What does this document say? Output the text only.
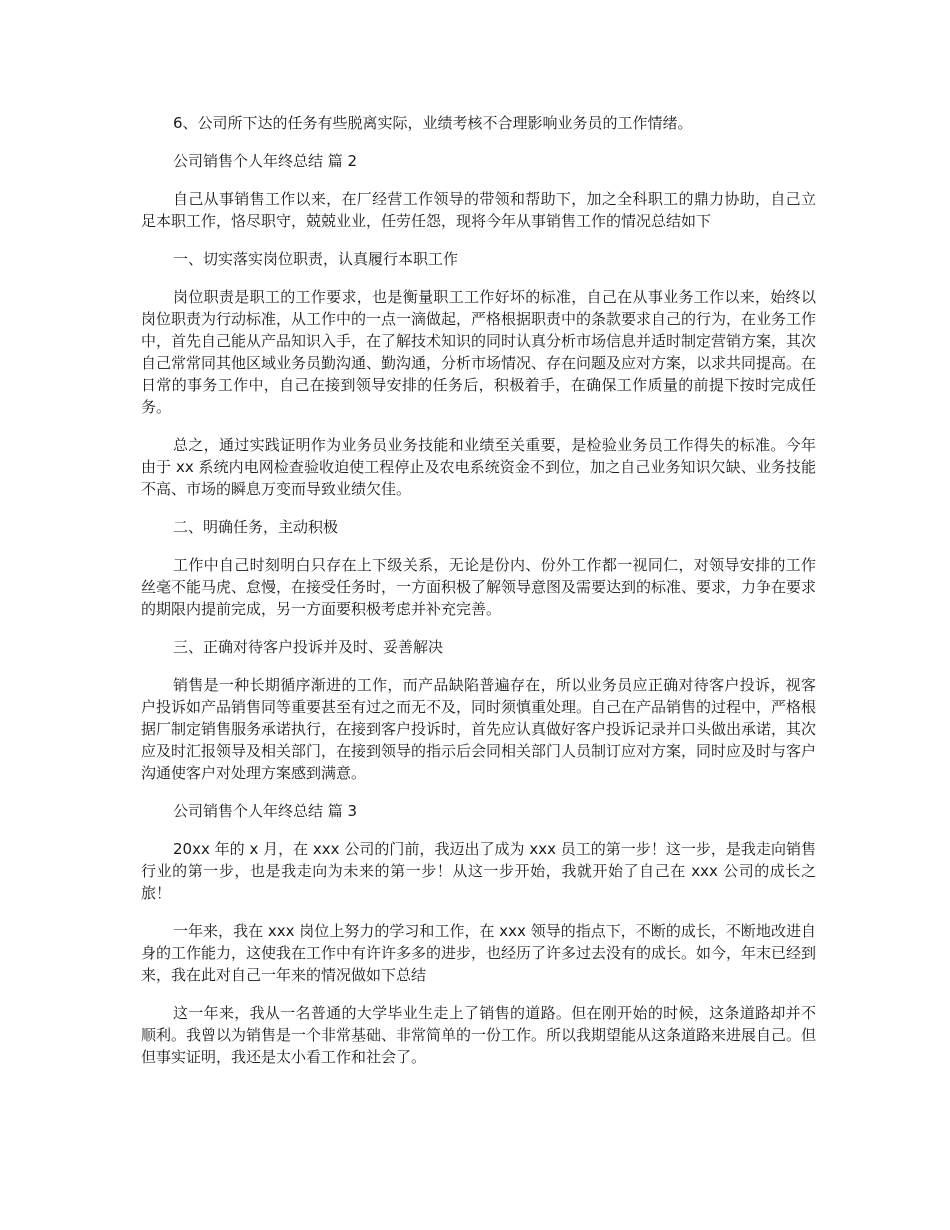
6、公司所下达的任务有些脱离实际，业绩考核不合理影响业务员的工作情绪。

公司销售个人年终总结 篇 2

自己从事销售工作以来，在厂经营工作领导的带领和帮助下，加之全科职工的鼎力协助，自己立足本职工作，恪尽职守，兢兢业业，任劳任怨，现将今年从事销售工作的情况总结如下

一、切实落实岗位职责，认真履行本职工作

岗位职责是职工的工作要求，也是衡量职工工作好坏的标准，自己在从事业务工作以来，始终以岗位职责为行动标准，从工作中的一点一滴做起，严格根据职责中的条款要求自己的行为，在业务工作中，首先自己能从产品知识入手，在了解技术知识的同时认真分析市场信息并适时制定营销方案，其次自己常常同其他区域业务员勤沟通、勤沟通，分析市场情况、存在问题及应对方案，以求共同提高。在日常的事务工作中，自己在接到领导安排的任务后，积极着手，在确保工作质量的前提下按时完成任务。

总之，通过实践证明作为业务员业务技能和业绩至关重要，是检验业务员工作得失的标准。今年由于 xx 系统内电网检查验收迫使工程停止及农电系统资金不到位，加之自己业务知识欠缺、业务技能不高、市场的瞬息万变而导致业绩欠佳。

二、明确任务，主动积极

工作中自己时刻明白只存在上下级关系，无论是份内、份外工作都一视同仁，对领导安排的工作丝毫不能马虎、怠慢，在接受任务时，一方面积极了解领导意图及需要达到的标准、要求，力争在要求的期限内提前完成，另一方面要积极考虑并补充完善。

三、正确对待客户投诉并及时、妥善解决

销售是一种长期循序渐进的工作，而产品缺陷普遍存在，所以业务员应正确对待客户投诉，视客户投诉如产品销售同等重要甚至有过之而无不及，同时须慎重处理。自己在产品销售的过程中，严格根据厂制定销售服务承诺执行，在接到客户投诉时，首先应认真做好客户投诉记录并口头做出承诺，其次应及时汇报领导及相关部门，在接到领导的指示后会同相关部门人员制订应对方案，同时应及时与客户沟通使客户对处理方案感到满意。

公司销售个人年终总结 篇 3

20xx 年的 x 月，在 xxx 公司的门前，我迈出了成为 xxx 员工的第一步！这一步，是我走向销售行业的第一步，也是我走向为未来的第一步！从这一步开始，我就开始了自己在 xxx 公司的成长之旅！

一年来，我在 xxx 岗位上努力的学习和工作，在 xxx 领导的指点下，不断的成长，不断地改进自身的工作能力，这使我在工作中有许许多多的进步，也经历了许多过去没有的成长。如今，年末已经到来，我在此对自己一年来的情况做如下总结

这一年来，我从一名普通的大学毕业生走上了销售的道路。但在刚开始的时候，这条道路却并不顺利。我曾以为销售是一个非常基础、非常简单的一份工作。所以我期望能从这条道路来进展自己。但但事实证明，我还是太小看工作和社会了。
